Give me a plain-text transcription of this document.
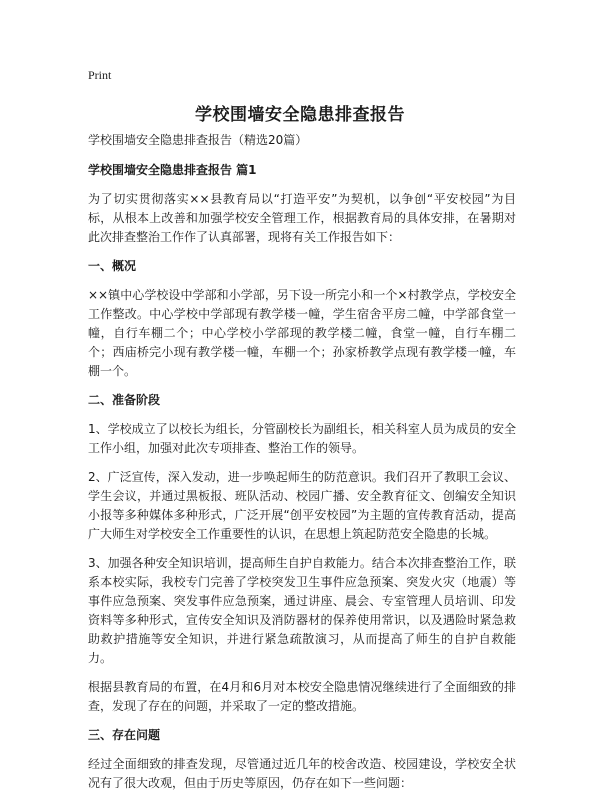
Print
学校围墙安全隐患排查报告

学校围墙安全隐患排查报告（精选20篇）

学校围墙安全隐患排查报告 篇1

为了切实贯彻落实××县教育局以“打造平安”为契机，以争创“平安校园”为目标，从根本上改善和加强学校安全管理工作，根据教育局的具体安排，在暑期对此次排查整治工作作了认真部署，现将有关工作报告如下：

一、概况

××镇中心学校设中学部和小学部，另下设一所完小和一个×村教学点，学校安全工作整改。中心学校中学部现有教学楼一幢，学生宿舍平房二幢，中学部食堂一幢，自行车棚二个；中心学校小学部现的教学楼二幢，食堂一幢，自行车棚二个；西庙桥完小现有教学楼一幢，车棚一个；孙家桥教学点现有教学楼一幢，车棚一个。

二、准备阶段

1、学校成立了以校长为组长，分管副校长为副组长，相关科室人员为成员的安全工作小组，加强对此次专项排查、整治工作的领导。

2、广泛宣传，深入发动，进一步唤起师生的防范意识。我们召开了教职工会议、学生会议，并通过黑板报、班队活动、校园广播、安全教育征文、创编安全知识小报等多种媒体多种形式，广泛开展“创平安校园”为主题的宣传教育活动，提高广大师生对学校安全工作重要性的认识，在思想上筑起防范安全隐患的长城。

3、加强各种安全知识培训，提高师生自护自救能力。结合本次排查整治工作，联系本校实际，我校专门完善了学校突发卫生事件应急预案、突发火灾（地震）等事件应急预案、突发事件应急预案，通过讲座、晨会、专室管理人员培训、印发资料等多种形式，宣传安全知识及消防器材的保养使用常识，以及遇险时紧急救助救护措施等安全知识，并进行紧急疏散演习，从而提高了师生的自护自救能力。

根据县教育局的布置，在4月和6月对本校安全隐患情况继续进行了全面细致的排查，发现了存在的问题，并采取了一定的整改措施。

三、存在问题

经过全面细致的排查发现，尽管通过近几年的校舍改造、校园建设，学校安全状况有了很大改观，但由于历史等原因，仍存在如下一些问题：
